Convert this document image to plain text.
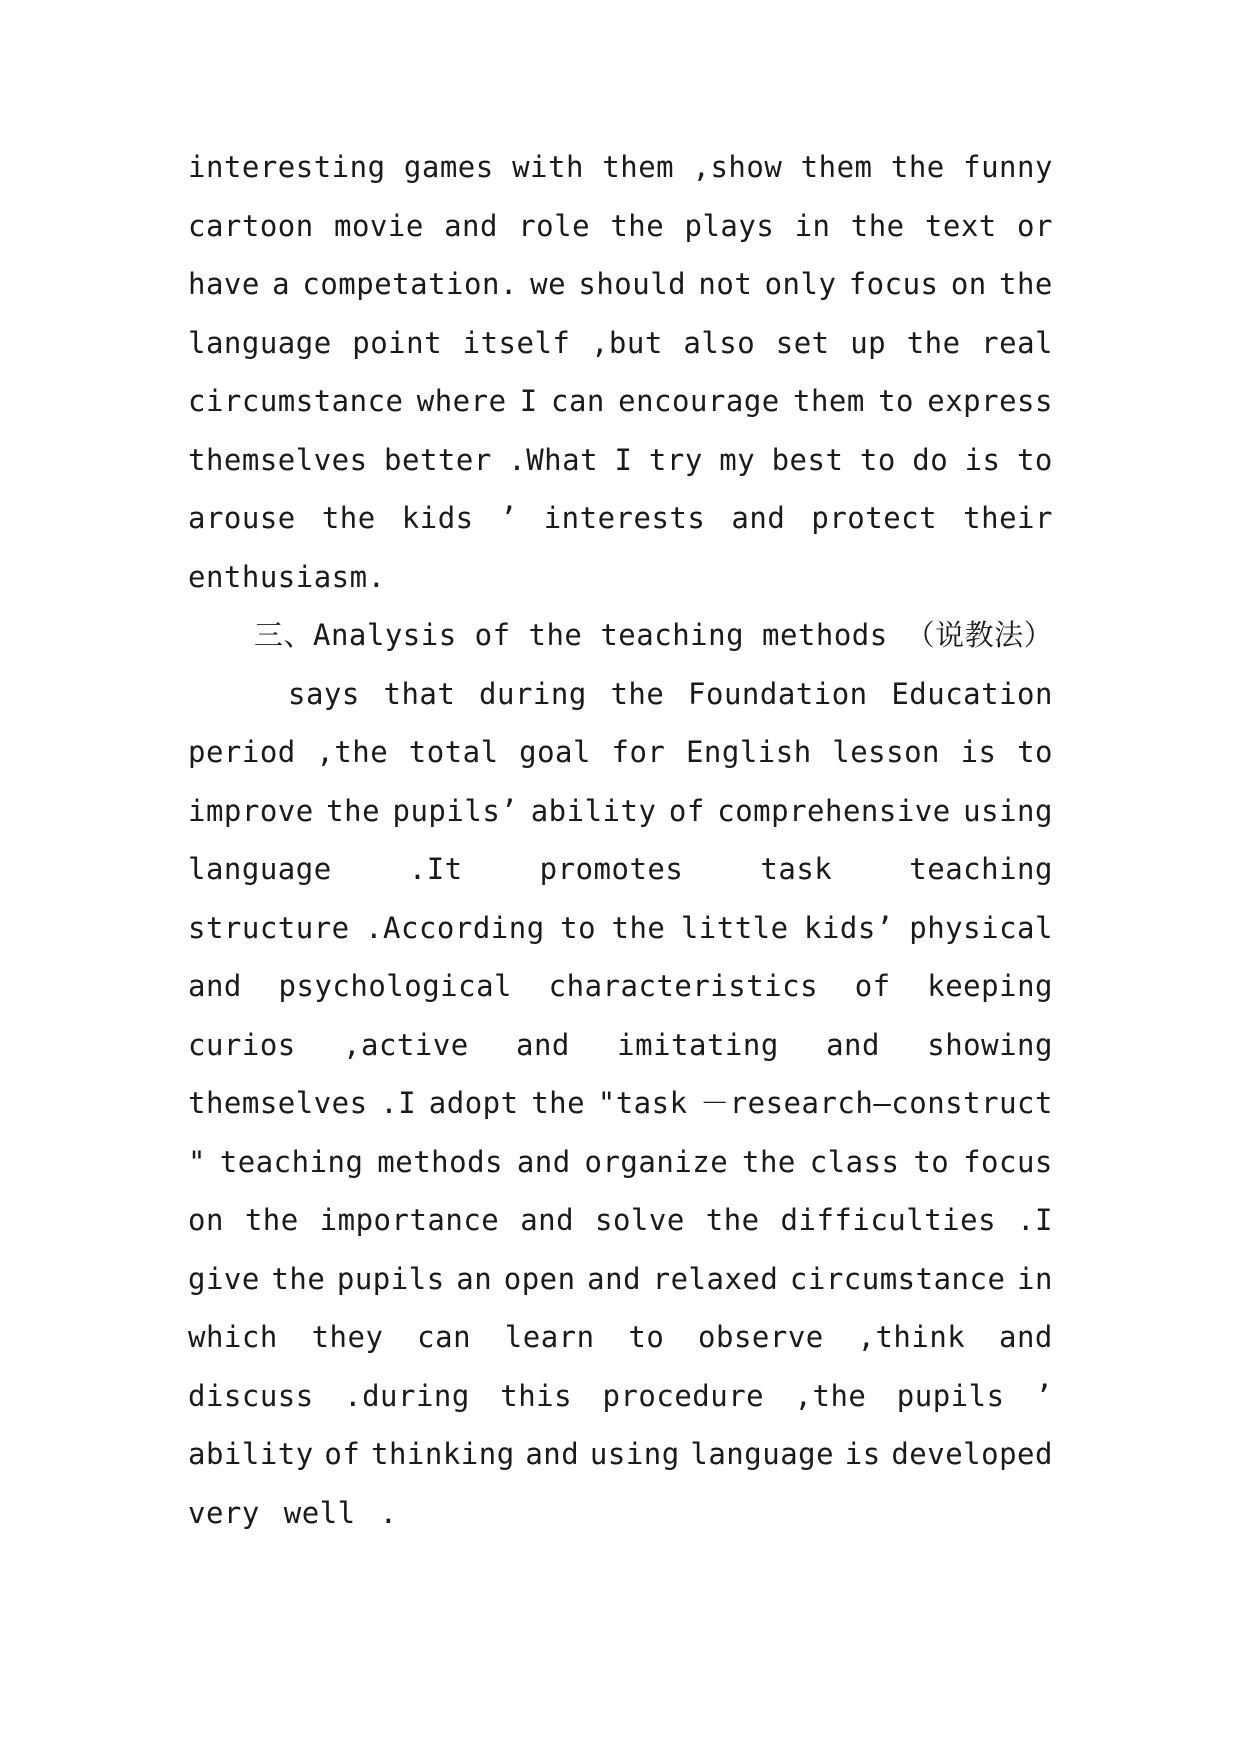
interesting games with them ,show them the funny
cartoon movie and role the plays in the text or
have a competation. we should not only focus on the
language point itself ,but also set up the real
circumstance where I can encourage them to express
themselves better .What I try my best to do is to
arouse the kids ’ interests and protect their
enthusiasm.
三、Analysis of the teaching methods （说教法）
says that during the Foundation Education
period ,the total goal for English lesson is to
improve the pupils’ ability of comprehensive using
language	.It	promotes	task	teaching
structure .According to the little kids’ physical
and psychological characteristics of keeping
curios ,active and imitating and showing
themselves .I adopt the "task －research—construct
" teaching methods and organize the class to focus
on the importance and solve the difficulties .I
give the pupils an open and relaxed circumstance in
which they can learn to observe ,think and
discuss .during this procedure ,the pupils ’
ability of thinking and using language is developed
very well .
